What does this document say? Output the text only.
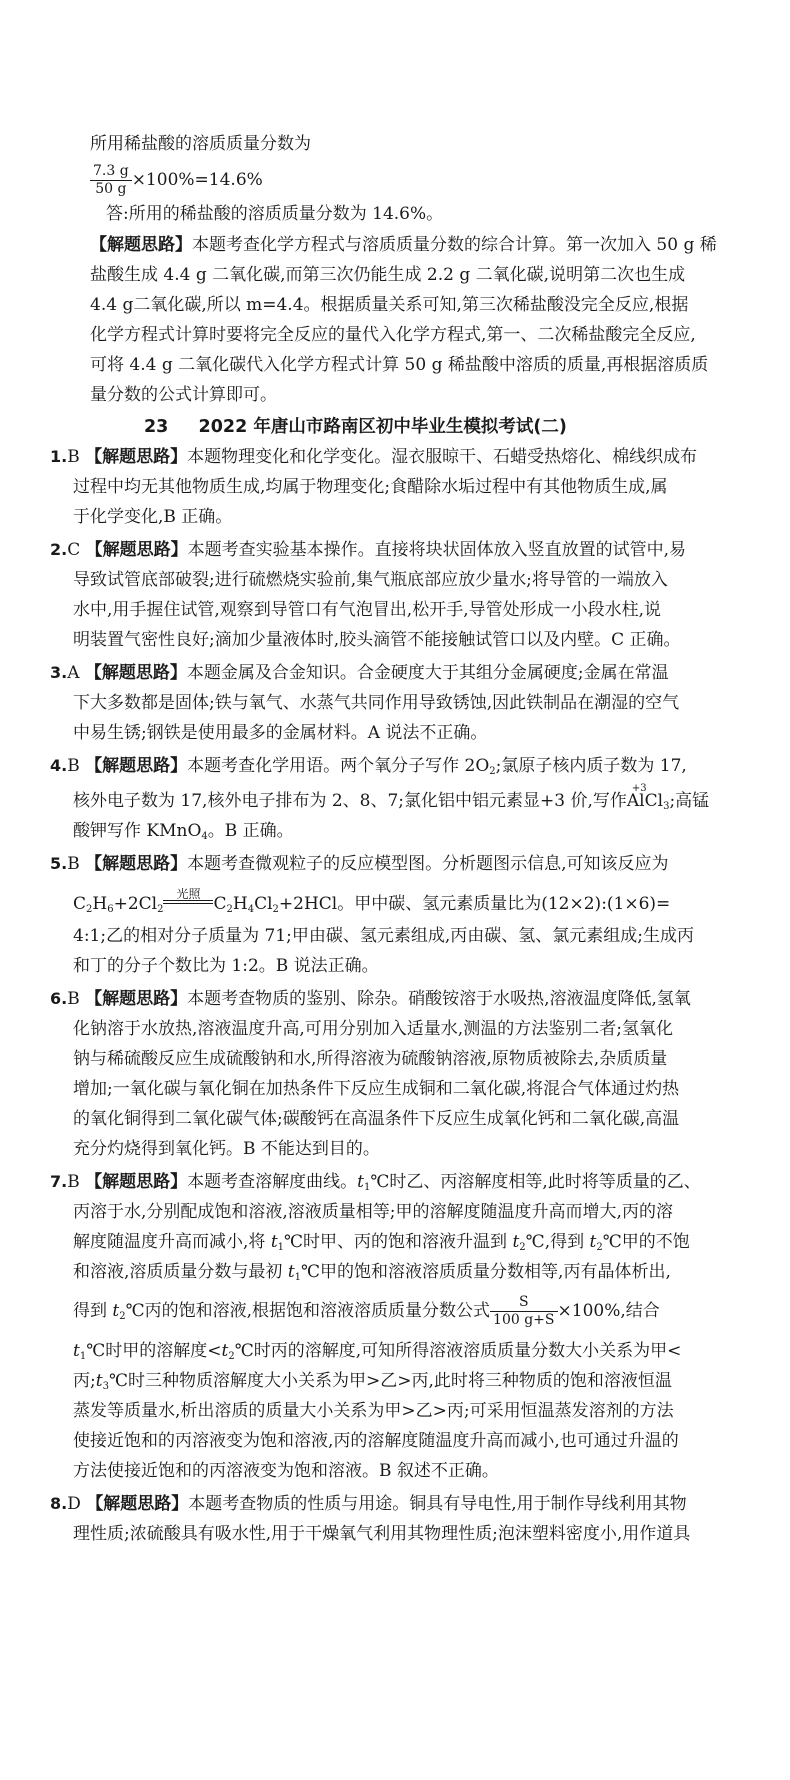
所用稀盐酸的溶质质量分数为
$\frac{7.3 g}{50 g} \times 100\%=14.6\%$
答:所用的稀盐酸的溶质质量分数为 14.6%。
【解题思路】本题考查化学方程式与溶质质量分数的综合计算。第一次加入 50 g 稀
盐酸生成 4.4 g 二氧化碳,而第三次仍能生成 2.2 g 二氧化碳,说明第二次也生成
4.4 g二氧化碳,所以 m=4.4。根据质量关系可知,第三次稀盐酸没完全反应,根据
化学方程式计算时要将完全反应的量代入化学方程式,第一、二次稀盐酸完全反应,
可将 4.4 g 二氧化碳代入化学方程式计算 50 g 稀盐酸中溶质的质量,再根据溶质质
量分数的公式计算即可。
23 2022 年唐山市路南区初中毕业生模拟考试(二)
1.B 【解题思路】本题物理变化和化学变化。湿衣服晾干、石蜡受热熔化、棉线织成布
过程中均无其他物质生成,均属于物理变化;食醋除水垢过程中有其他物质生成,属
于化学变化,B 正确。
2.C 【解题思路】本题考查实验基本操作。直接将块状固体放入竖直放置的试管中,易
导致试管底部破裂;进行硫燃烧实验前,集气瓶底部应放少量水;将导管的一端放入
水中,用手握住试管,观察到导管口有气泡冒出,松开手,导管处形成一小段水柱,说
明装置气密性良好;滴加少量液体时,胶头滴管不能接触试管口以及内壁。C 正确。
3.A 【解题思路】本题金属及合金知识。合金硬度大于其组分金属硬度;金属在常温
下大多数都是固体;铁与氧气、水蒸气共同作用导致锈蚀,因此铁制品在潮湿的空气
中易生锈;钢铁是使用最多的金属材料。A 说法不正确。
4.B 【解题思路】本题考查化学用语。两个氧分子写作 $2O_2$;氯原子核内质子数为 17,
核外电子数为 17,核外电子排布为 2、8、7;氯化铝中铝元素显+3 价,写作
+3
AlCl$_3$;高锰
酸钾写作 KMnO$_4$。B 正确。
5.B 【解题思路】本题考查微观粒子的反应模型图。分析题图示信息,可知该反应为
$C_2H_6+2Cl_2$
光照 $C_2H_4Cl_2+2HCl$。甲中碳、氢元素质量比为(12×2):(1×6)=
4:1;乙的相对分子质量为 71;甲由碳、氢元素组成,丙由碳、氢、氯元素组成;生成丙
和丁的分子个数比为 1:2。B 说法正确。
6.B 【解题思路】本题考查物质的鉴别、除杂。硝酸铵溶于水吸热,溶液温度降低,氢氧
化钠溶于水放热,溶液温度升高,可用分别加入适量水,测温的方法鉴别二者;氢氧化
钠与稀硫酸反应生成硫酸钠和水,所得溶液为硫酸钠溶液,原物质被除去,杂质质量
增加;一氧化碳与氧化铜在加热条件下反应生成铜和二氧化碳,将混合气体通过灼热
的氧化铜得到二氧化碳气体;碳酸钙在高温条件下反应生成氧化钙和二氧化碳,高温
充分灼烧得到氧化钙。B 不能达到目的。
7.B 【解题思路】本题考查溶解度曲线。$t_1℃$时乙、丙溶解度相等,此时将等质量的乙、
丙溶于水,分别配成饱和溶液,溶液质量相等;甲的溶解度随温度升高而增大,丙的溶
解度随温度升高而减小,将 $t_1℃$时甲、丙的饱和溶液升温到 $t_2℃$,得到 $t_2℃$甲的不饱
和溶液,溶质质量分数与最初 $t_1℃$甲的饱和溶液溶质质量分数相等,丙有晶体析出,
得到 $t_2℃$丙的饱和溶液,根据饱和溶液溶质质量分数公式 $\frac{S}{100 g+S} \times 100\%$,结合
$t_1℃$时甲的溶解度$<t_2℃$时丙的溶解度,可知所得溶液溶质质量分数大小关系为甲<
丙$;t_3℃$时三种物质溶解度大小关系为甲>乙>丙,此时将三种物质的饱和溶液恒温
蒸发等质量水,析出溶质的质量大小关系为甲>乙>丙;可采用恒温蒸发溶剂的方法
使接近饱和的丙溶液变为饱和溶液,丙的溶解度随温度升高而减小,也可通过升温的
方法使接近饱和的丙溶液变为饱和溶液。B 叙述不正确。
8.D 【解题思路】本题考查物质的性质与用途。铜具有导电性,用于制作导线利用其物
理性质;浓硫酸具有吸水性,用于干燥氧气利用其物理性质;泡沫塑料密度小,用作道具
